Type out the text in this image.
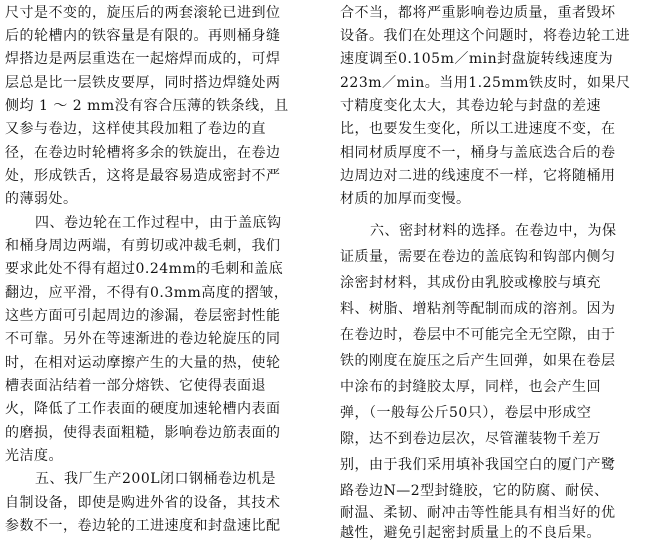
尺寸是不变的，旋压后的两套滚轮已进到位
后的轮槽内的铁容量是有限的。再则桶身缝
焊搭边是两层重迭在一起熔焊而成的，可焊
层总是比一层铁皮要厚，同时搭边焊缝处两
侧均 1 ～ 2 mm没有容合压薄的铁条线，且
又参与卷边，这样使其段加粗了卷边的直
径，在卷边时轮槽将多余的铁旋出，在卷边
处，形成铁舌，这将是最容易造成密封不严
的薄弱处。
四、卷边轮在工作过程中，由于盖底钩
和桶身周边两端，有剪切或冲裁毛刺，我们
要求此处不得有超过0.24mm的毛刺和盖底
翻边，应平滑，不得有0.3mm高度的摺皱，
这些方面可引起周边的渗漏，卷层密封性能
不可靠。另外在等速渐进的卷边轮旋压的同
时，在相对运动摩擦产生的大量的热，使轮
槽表面沾结着一部分熔铁、它使得表面退
火，降低了工作表面的硬度加速轮槽内表面
的磨损，使得表面粗糙，影响卷边筋表面的
光洁度。
五、我厂生产200L闭口钢桶卷边机是
自制设备，即使是购进外省的设备，其技术
参数不一，卷边轮的工进速度和封盘速比配
合不当，都将严重影响卷边质量，重者毁坏
设备。我们在处理这个问题时，将卷边轮工进
速度调至0.105m／min封盘旋转线速度为
223m／min。当用1.25mm铁皮时，如果尺
寸精度变化太大，其卷边轮与封盘的差速
比，也要发生变化，所以工进速度不变，在
相同材质厚度不一，桶身与盖底迭合后的卷
边周边对二进的线速度不一样，它将随桶用
材质的加厚而变慢。
六、密封材料的选择。在卷边中，为保
证质量，需要在卷边的盖底钩和钩部内侧匀
涂密封材料，其成份由乳胶或橡胶与填充
料、树脂、增粘剂等配制而成的溶剂。因为
在卷边时，卷层中不可能完全无空隙，由于
铁的刚度在旋压之后产生回弹，如果在卷层
中涂布的封缝胶太厚，同样，也会产生回
弹，（一般每公斤50只），卷层中形成空
隙，达不到卷边层次，尽管灌装物千差万
别，由于我们采用填补我国空白的厦门产鹭
路卷边N—2型封缝胶，它的防腐、耐侯、
耐温、柔韧、耐冲击等性能具有相当好的优
越性，避免引起密封质量上的不良后果。
